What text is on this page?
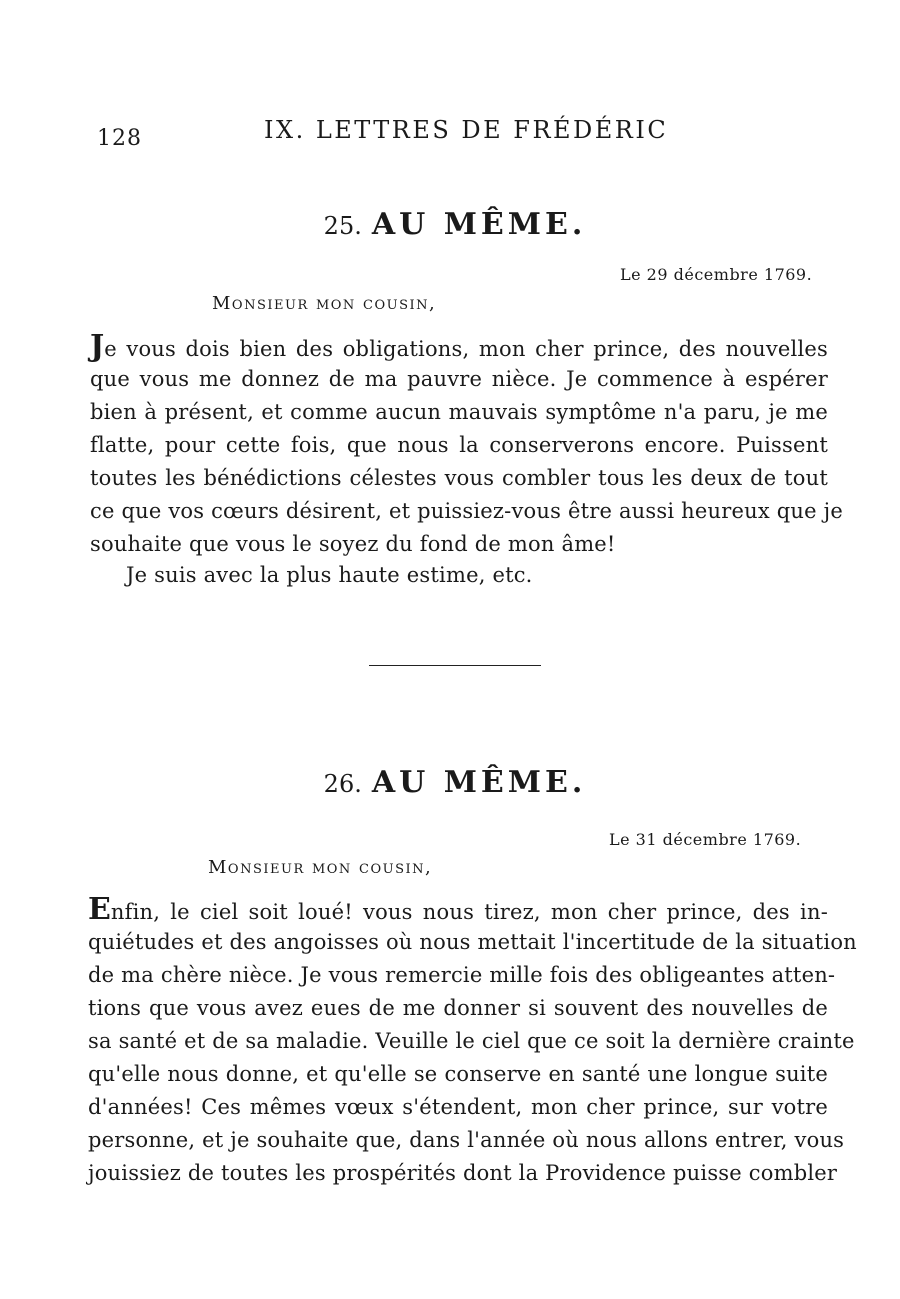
128	IX. LETTRES DE FRÉDÉRIC
25. AU MÊME.
Le 29 décembre 1769.
Monsieur mon cousin,
Je vous dois bien des obligations, mon cher prince, des nouvelles
que vous me donnez de ma pauvre nièce. Je commence à espérer
bien à présent, et comme aucun mauvais symptôme n'a paru, je me
flatte, pour cette fois, que nous la conserverons encore. Puissent
toutes les bénédictions célestes vous combler tous les deux de tout
ce que vos cœurs désirent, et puissiez-vous être aussi heureux que je
souhaite que vous le soyez du fond de mon âme!
Je suis avec la plus haute estime, etc.
26. AU MÊME.
Le 31 décembre 1769.
Monsieur mon cousin,
Enfin, le ciel soit loué! vous nous tirez, mon cher prince, des in-
quiétudes et des angoisses où nous mettait l'incertitude de la situation
de ma chère nièce. Je vous remercie mille fois des obligeantes atten-
tions que vous avez eues de me donner si souvent des nouvelles de
sa santé et de sa maladie. Veuille le ciel que ce soit la dernière crainte
qu'elle nous donne, et qu'elle se conserve en santé une longue suite
d'années! Ces mêmes vœux s'étendent, mon cher prince, sur votre
personne, et je souhaite que, dans l'année où nous allons entrer, vous
jouissiez de toutes les prospérités dont la Providence puisse combler
